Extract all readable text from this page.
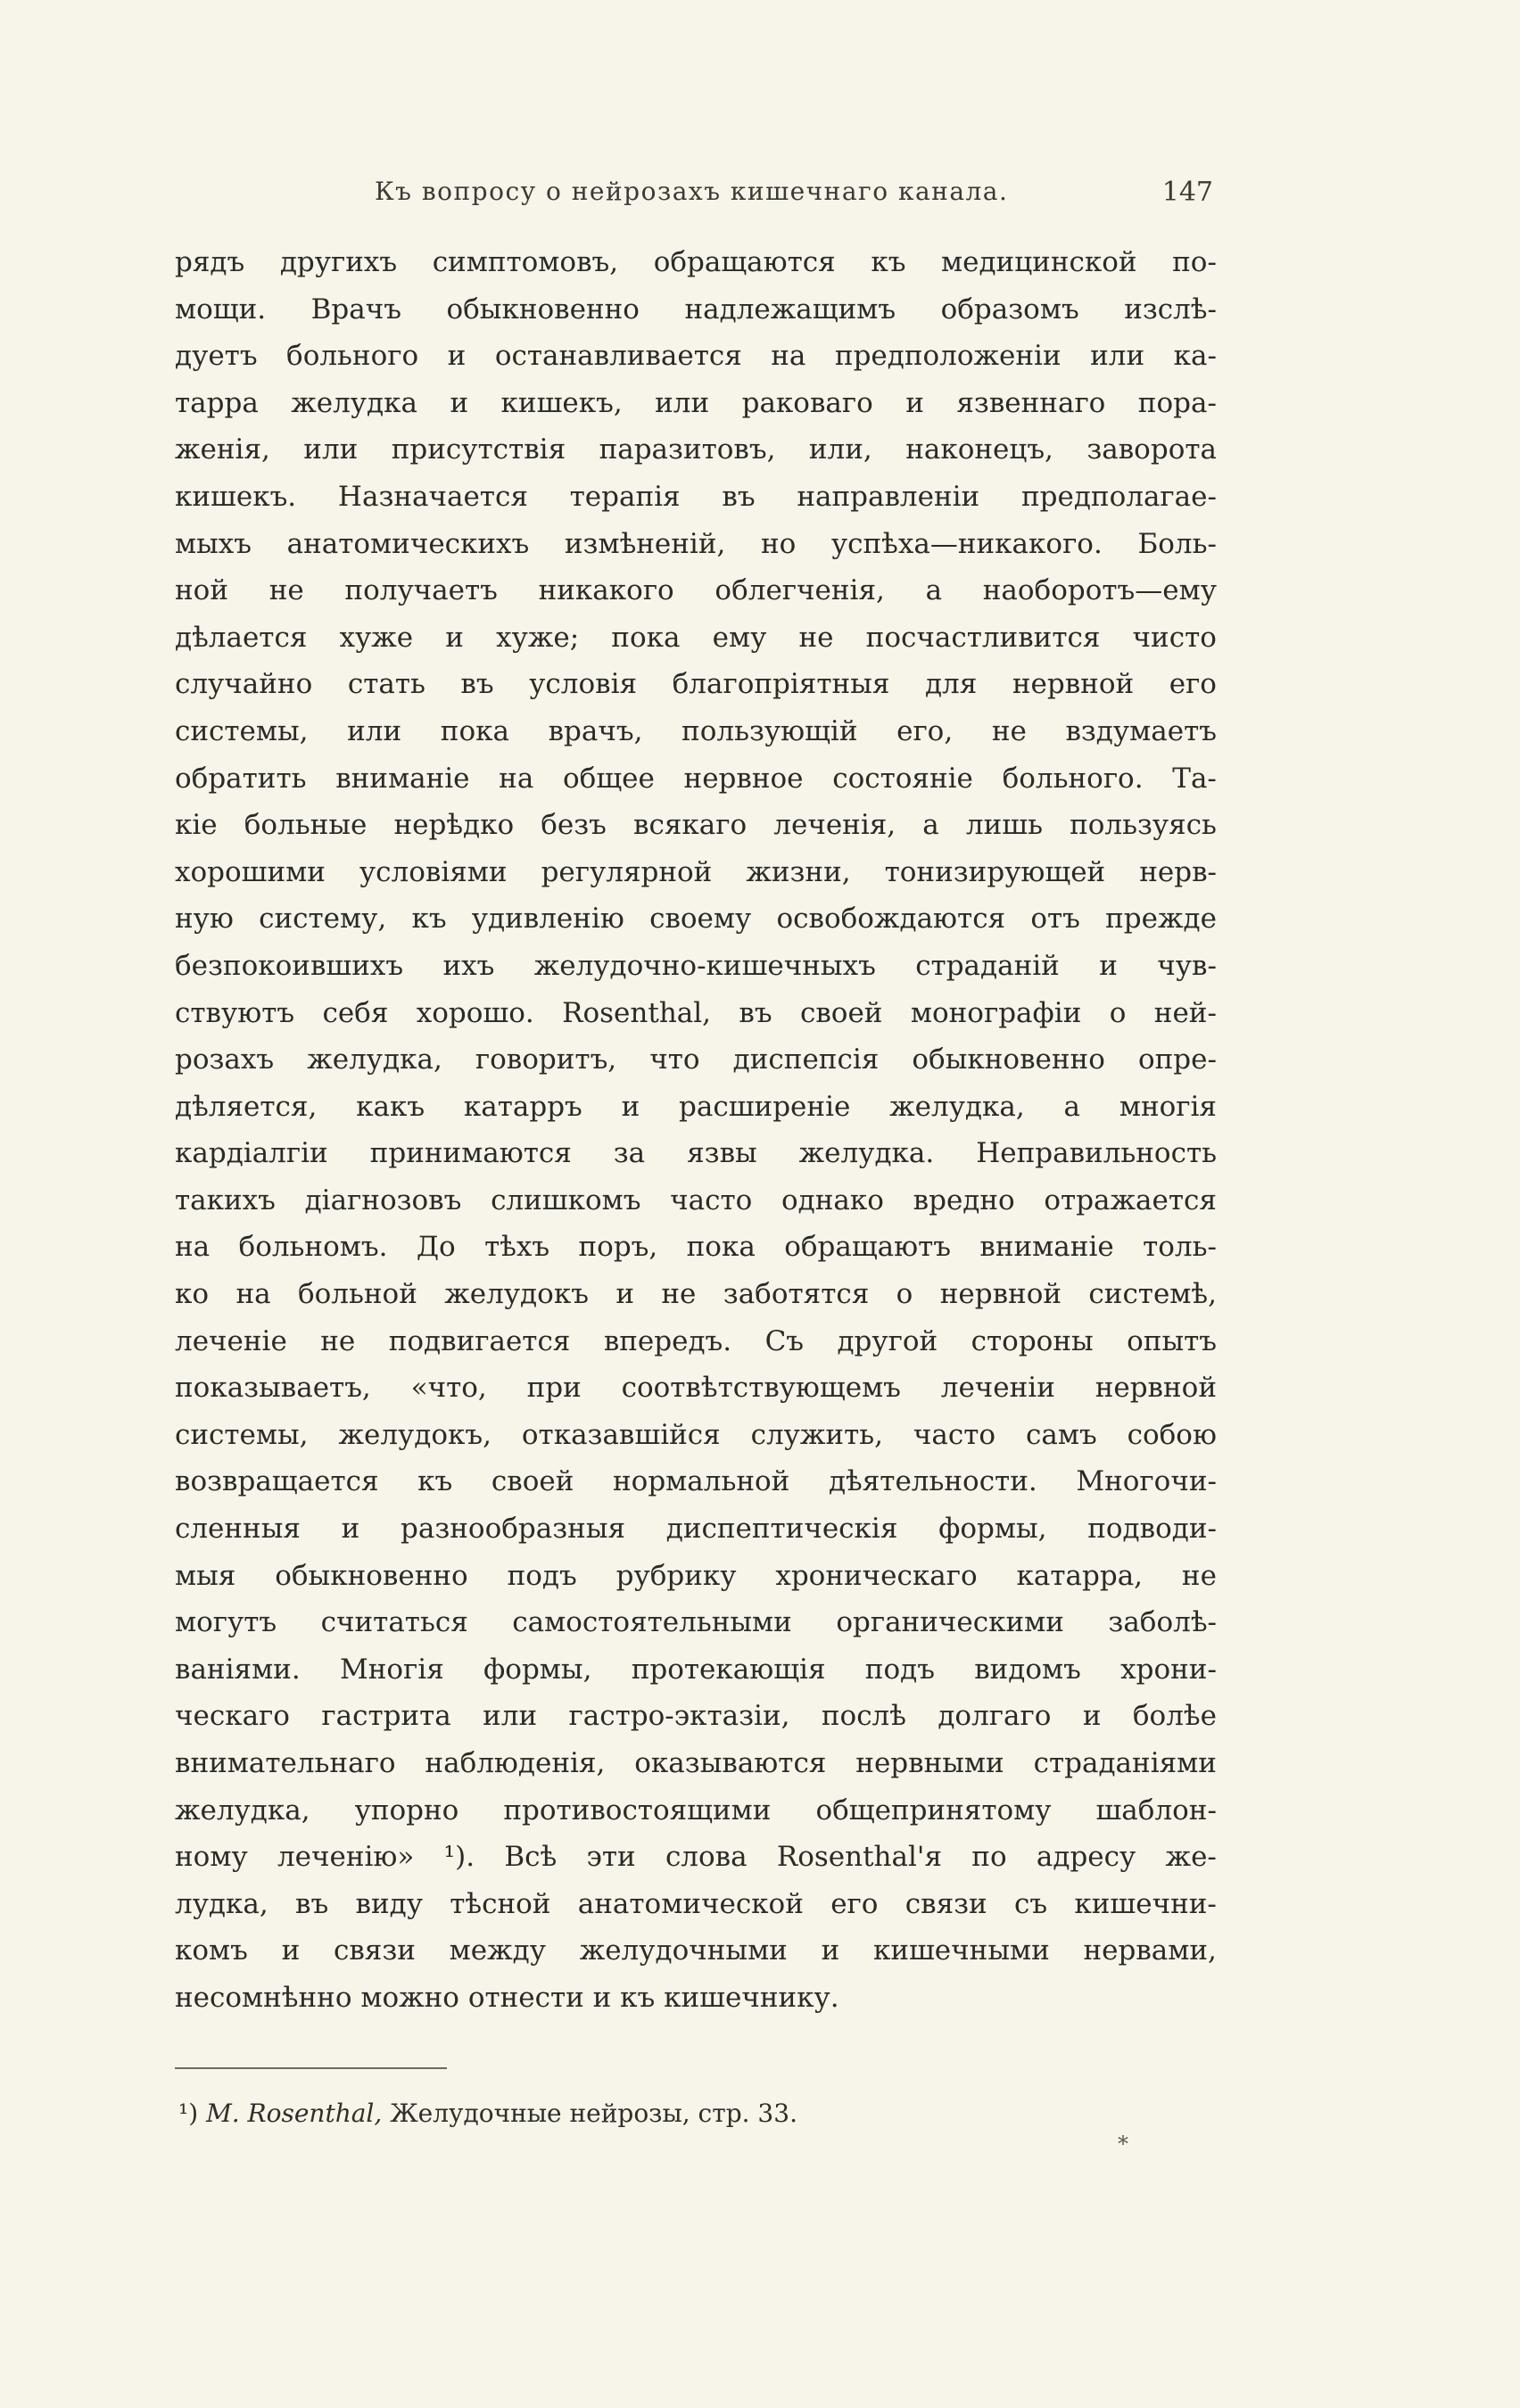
Къ вопросу о нейрозахъ кишечнаго канала.	147
рядъ другихъ симптомовъ, обращаются къ медицинской по-
мощи. Врачъ обыкновенно надлежащимъ образомъ изслѣ-
дуетъ больного и останавливается на предположеніи или ка-
тарра желудка и кишекъ, или раковаго и язвеннаго пора-
женія, или присутствія паразитовъ, или, наконецъ, заворота
кишекъ. Назначается терапія въ направленіи предполагае-
мыхъ анатомическихъ измѣненій, но успѣха—никакого. Боль-
ной не получаетъ никакого облегченія, а наоборотъ—ему
дѣлается хуже и хуже; пока ему не посчастливится чисто
случайно стать въ условія благопріятныя для нервной его
системы, или пока врачъ, пользующій его, не вздумаетъ
обратить вниманіе на общее нервное состояніе больного. Та-
кіе больные нерѣдко безъ всякаго леченія, а лишь пользуясь
хорошими условіями регулярной жизни, тонизирующей нерв-
ную систему, къ удивленію своему освобождаются отъ прежде
безпокоившихъ ихъ желудочно-кишечныхъ страданій и чув-
ствуютъ себя хорошо. Rosenthal, въ своей монографіи о ней-
розахъ желудка, говоритъ, что диспепсія обыкновенно опре-
дѣляется, какъ катарръ и расширеніе желудка, а многія
кардіалгіи принимаются за язвы желудка. Неправильность
такихъ діагнозовъ слишкомъ часто однако вредно отражается
на больномъ. До тѣхъ поръ, пока обращаютъ вниманіе толь-
ко на больной желудокъ и не заботятся о нервной системѣ,
леченіе не подвигается впередъ. Съ другой стороны опытъ
показываетъ, «что, при соотвѣтствующемъ леченіи нервной
системы, желудокъ, отказавшійся служить, часто самъ собою
возвращается къ своей нормальной дѣятельности. Многочи-
сленныя и разнообразныя диспептическія формы, подводи-
мыя обыкновенно подъ рубрику хроническаго катарра, не
могутъ считаться самостоятельными органическими заболѣ-
ваніями. Многія формы, протекающія подъ видомъ хрони-
ческаго гастрита или гастро-эктазіи, послѣ долгаго и болѣе
внимательнаго наблюденія, оказываются нервными страданіями
желудка, упорно противостоящими общепринятому шаблон-
ному леченію» ¹). Всѣ эти слова Rosenthal'я по адресу же-
лудка, въ виду тѣсной анатомической его связи съ кишечни-
комъ и связи между желудочными и кишечными нервами,
несомнѣнно можно отнести и къ кишечнику.
¹) M. Rosenthal, Желудочные нейрозы, стр. 33.
*
